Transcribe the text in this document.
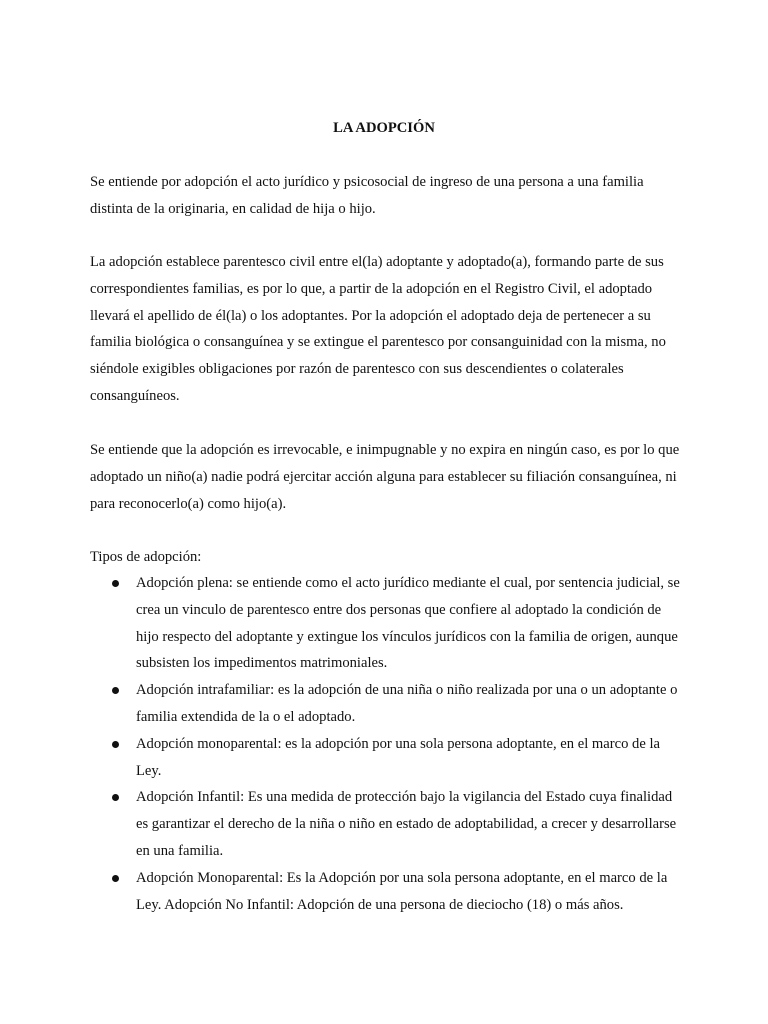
LA ADOPCIÓN

Se entiende por adopción el acto jurídico y psicosocial de ingreso de una persona a una familia distinta de la originaria, en calidad de hija o hijo.

La adopción establece parentesco civil entre el(la) adoptante y adoptado(a), formando parte de sus correspondientes familias, es por lo que, a partir de la adopción en el Registro Civil, el adoptado llevará el apellido de él(la) o los adoptantes. Por la adopción el adoptado deja de pertenecer a su familia biológica o consanguínea y se extingue el parentesco por consanguinidad con la misma, no siéndole exigibles obligaciones por razón de parentesco con sus descendientes o colaterales consanguíneos.

Se entiende que la adopción es irrevocable, e inimpugnable y no expira en ningún caso, es por lo que adoptado un niño(a) nadie podrá ejercitar acción alguna para establecer su filiación consanguínea, ni para reconocerlo(a) como hijo(a).

Tipos de adopción:

Adopción plena: se entiende como el acto jurídico mediante el cual, por sentencia judicial, se crea un vinculo de parentesco entre dos personas que confiere al adoptado la condición de hijo respecto del adoptante y extingue los vínculos jurídicos con la familia de origen, aunque subsisten los impedimentos matrimoniales.
Adopción intrafamiliar: es la adopción de una niña o niño realizada por una o un adoptante o familia extendida de la o el adoptado.
Adopción monoparental: es la adopción por una sola persona adoptante, en el marco de la Ley.
Adopción Infantil: Es una medida de protección bajo la vigilancia del Estado cuya finalidad es garantizar el derecho de la niña o niño en estado de adoptabilidad, a crecer y desarrollarse en una familia.
Adopción Monoparental: Es la Adopción por una sola persona adoptante, en el marco de la Ley. Adopción No Infantil: Adopción de una persona de dieciocho (18) o más años.
